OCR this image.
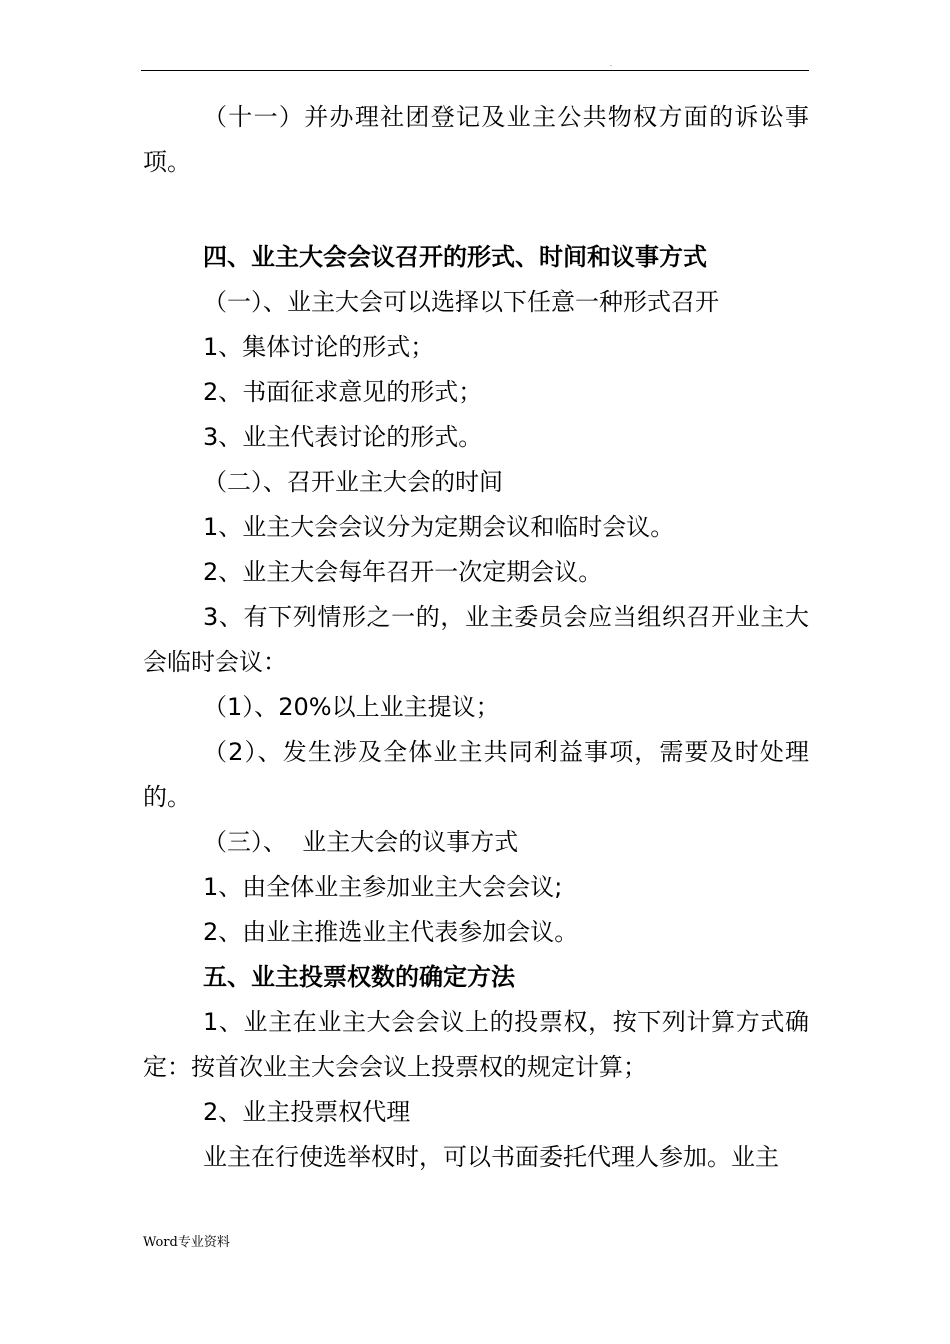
.

（十一）并办理社团登记及业主公共物权方面的诉讼事项。

四、业主大会会议召开的形式、时间和议事方式

（一）、业主大会可以选择以下任意一种形式召开

1、集体讨论的形式；

2、书面征求意见的形式；

3、业主代表讨论的形式。

（二）、召开业主大会的时间

1、业主大会会议分为定期会议和临时会议。

2、业主大会每年召开一次定期会议。

3、有下列情形之一的，业主委员会应当组织召开业主大会临时会议：

（1）、20%以上业主提议；

（2）、发生涉及全体业主共同利益事项，需要及时处理的。

（三）、  业主大会的议事方式

1、由全体业主参加业主大会会议;

2、由业主推选业主代表参加会议。

五、业主投票权数的确定方法

1、业主在业主大会会议上的投票权，按下列计算方式确定：按首次业主大会会议上投票权的规定计算；

2、业主投票权代理

业主在行使选举权时，可以书面委托代理人参加。业主

Word专业资料
